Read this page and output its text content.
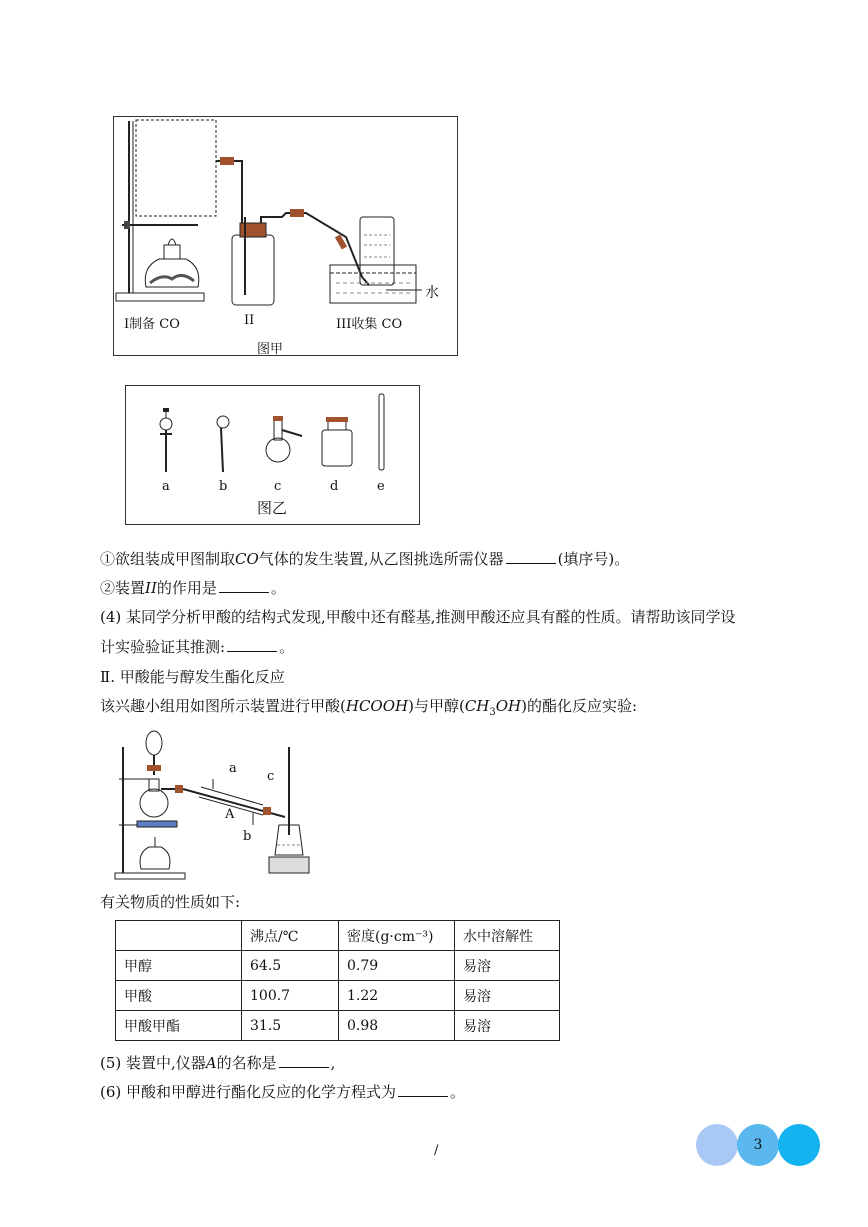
I制备 CO	II	III收集 CO
水
图甲
a	b	c	d	e
图乙
①欲组装成甲图制取CO气体的发生装置,从乙图挑选所需仪器	(填序号)。
②装置II的作用是	。
(4) 某同学分析甲酸的结构式发现,甲酸中还有醛基,推测甲酸还应具有醛的性质。请帮助该同学设
计实验验证其推测:	。
Ⅱ. 甲酸能与醇发生酯化反应
该兴趣小组用如图所示装置进行甲酸(HCOOH)与甲醇$(CH_3OH)$的酯化反应实验:
a
A
b
c
有关物质的性质如下:
	沸点/℃	密度(g·cm⁻³)	水中溶解性
甲醇	64.5	0.79	易溶
甲酸	100.7	1.22	易溶
甲酸甲酯	31.5	0.98	易溶
(5) 装置中,仪器A的名称是	,
(6) 甲酸和甲醇进行酯化反应的化学方程式为	。
/	3
